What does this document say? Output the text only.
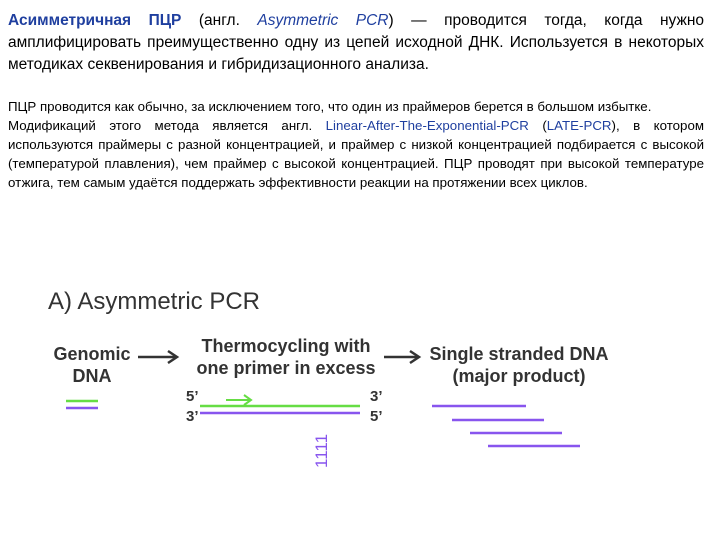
Асимметричная ПЦР (англ. Asymmetric PCR) — проводится тогда, когда нужно амплифицировать преимущественно одну из цепей исходной ДНК. Используется в некоторых методиках секвенирования и гибридизационного анализа.

ПЦР проводится как обычно, за исключением того, что один из праймеров берется в большом избытке.

Модификаций этого метода является англ. Linear-After-The-Exponential-PCR (LATE-PCR), в котором используются праймеры с разной концентрацией, и праймер с низкой концентрацией подбирается с высокой (температурой плавления), чем праймер с высокой концентрацией. ПЦР проводят при высокой температуре отжига, тем самым удаётся поддержать эффективности реакции на протяжении всех циклов.

A) Asymmetric PCR
Genomic
DNA
Thermocycling with
one primer in excess
Single stranded DNA
(major product)
5’
3’
3’
5’
1111
